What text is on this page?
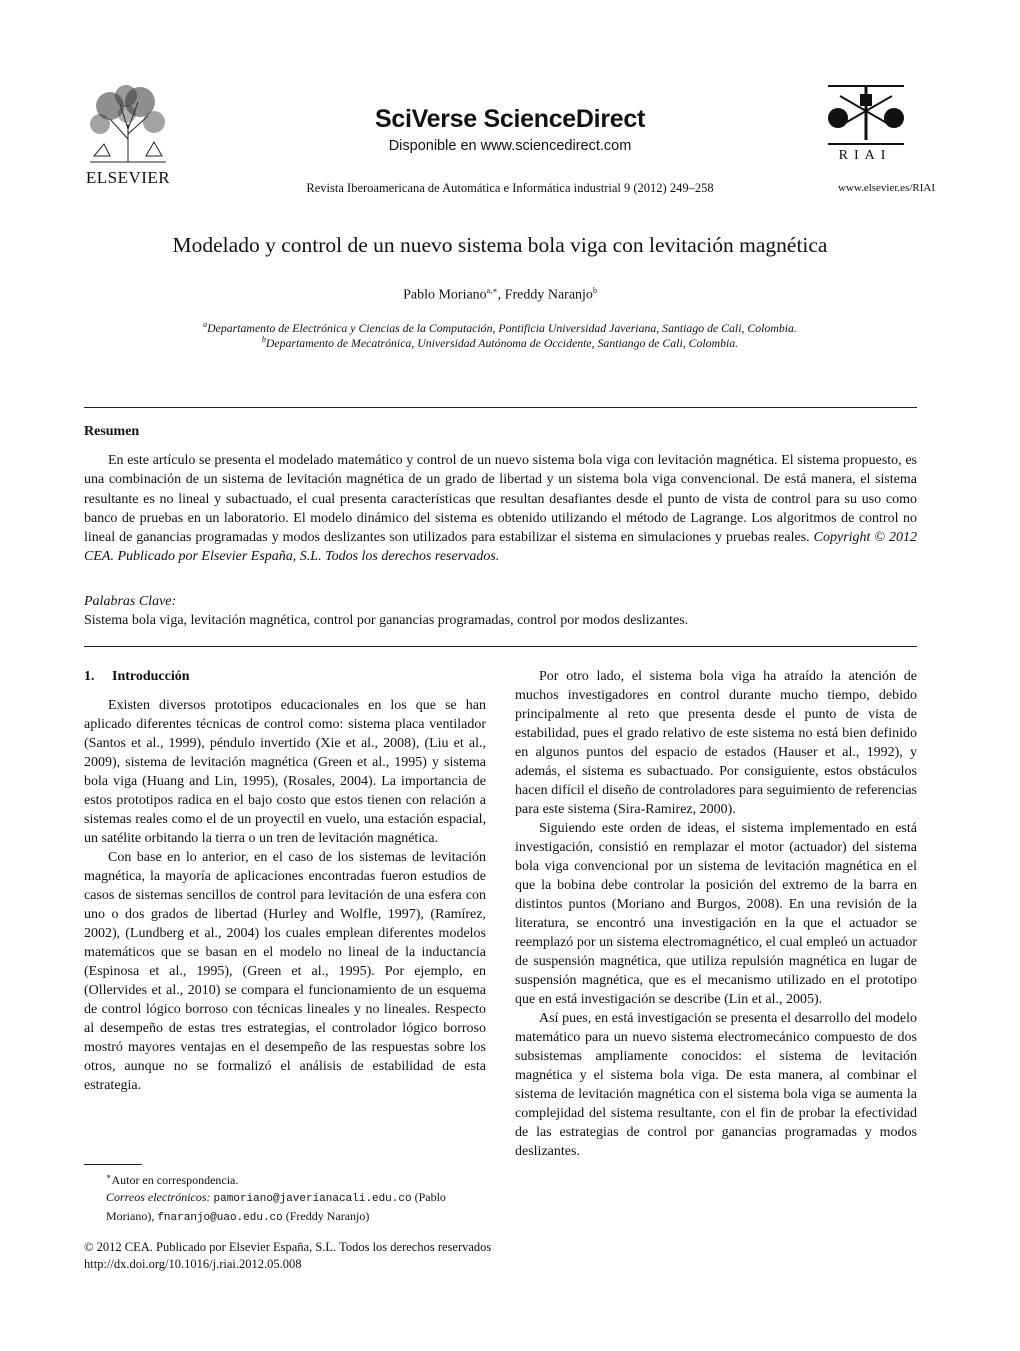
ELSEVIER
SciVerse ScienceDirect
Disponible en www.sciencedirect.com
Revista Iberoamericana de Automática e Informática industrial 9 (2012) 249–258
RIAI
www.elsevier.es/RIAI
Modelado y control de un nuevo sistema bola viga con levitación magnética
Pablo Moriano$^{a,∗}$, Freddy Naranjo$^b$
$^a$Departamento de Electrónica y Ciencias de la Computación, Pontificia Universidad Javeriana, Santiago de Cali, Colombia.
$^b$Departamento de Mecatrónica, Universidad Autónoma de Occidente, Santiango de Cali, Colombia.
Resumen

En este artículo se presenta el modelado matemático y control de un nuevo sistema bola viga con levitación magnética. El sistema propuesto, es una combinación de un sistema de levitación magnética de un grado de libertad y un sistema bola viga convencional. De está manera, el sistema resultante es no lineal y subactuado, el cual presenta características que resultan desafiantes desde el punto de vista de control para su uso como banco de pruebas en un laboratorio. El modelo dinámico del sistema es obtenido utilizando el método de Lagrange. Los algoritmos de control no lineal de ganancias programadas y modos deslizantes son utilizados para estabilizar el sistema en simulaciones y pruebas reales. Copyright © 2012 CEA. Publicado por Elsevier España, S.L. Todos los derechos reservados.

Palabras Clave:
Sistema bola viga, levitación magnética, control por ganancias programadas, control por modos deslizantes.
1. Introducción

Existen diversos prototipos educacionales en los que se han aplicado diferentes técnicas de control como: sistema placa ventilador (Santos et al., 1999), péndulo invertido (Xie et al., 2008), (Liu et al., 2009), sistema de levitación magnética (Green et al., 1995) y sistema bola viga (Huang and Lin, 1995), (Rosales, 2004). La importancia de estos prototipos radica en el bajo costo que estos tienen con relación a sistemas reales como el de un proyectil en vuelo, una estación espacial, un satélite orbitando la tierra o un tren de levitación magnética.

Con base en lo anterior, en el caso de los sistemas de levitación magnética, la mayoría de aplicaciones encontradas fueron estudios de casos de sistemas sencillos de control para levitación de una esfera con uno o dos grados de libertad (Hurley and Wolfle, 1997), (Ramírez, 2002), (Lundberg et al., 2004) los cuales emplean diferentes modelos matemáticos que se basan en el modelo no lineal de la inductancia (Espinosa et al., 1995), (Green et al., 1995). Por ejemplo, en (Ollervides et al., 2010) se compara el funcionamiento de un esquema de control lógico borroso con técnicas lineales y no lineales. Respecto al desempeño de estas tres estrategias, el controlador lógico borroso mostró mayores ventajas en el desempeño de las respuestas sobre los otros, aunque no se formalizó el análisis de estabilidad de esta estrategia.

Por otro lado, el sistema bola viga ha atraído la atención de muchos investigadores en control durante mucho tiempo, debido principalmente al reto que presenta desde el punto de vista de estabilidad, pues el grado relativo de este sistema no está bien definido en algunos puntos del espacio de estados (Hauser et al., 1992), y además, el sistema es subactuado. Por consiguiente, estos obstáculos hacen difícil el diseño de controladores para seguimiento de referencias para este sistema (Sira-Ramirez, 2000).

Siguiendo este orden de ideas, el sistema implementado en está investigación, consistió en remplazar el motor (actuador) del sistema bola viga convencional por un sistema de levitación magnética en el que la bobina debe controlar la posición del extremo de la barra en distintos puntos (Moriano and Burgos, 2008). En una revisión de la literatura, se encontró una investigación en la que el actuador se reemplazó por un sistema electromagnético, el cual empleó un actuador de suspensión magnética, que utiliza repulsión magnética en lugar de suspensión magnética, que es el mecanismo utilizado en el prototipo que en está investigación se describe (Lin et al., 2005).

Así pues, en está investigación se presenta el desarrollo del modelo matemático para un nuevo sistema electromecánico compuesto de dos subsistemas ampliamente conocidos: el sistema de levitación magnética y el sistema bola viga. De esta manera, al combinar el sistema de levitación magnética con el sistema bola viga se aumenta la complejidad del sistema resultante, con el fin de probar la efectividad de las estrategias de control por ganancias programadas y modos deslizantes.

∗Autor en correspondencia.
Correos electrónicos: pamoriano@javerianacali.edu.co (Pablo Moriano), fnaranjo@uao.edu.co (Freddy Naranjo)
© 2012 CEA. Publicado por Elsevier España, S.L. Todos los derechos reservados
http://dx.doi.org/10.1016/j.riai.2012.05.008
